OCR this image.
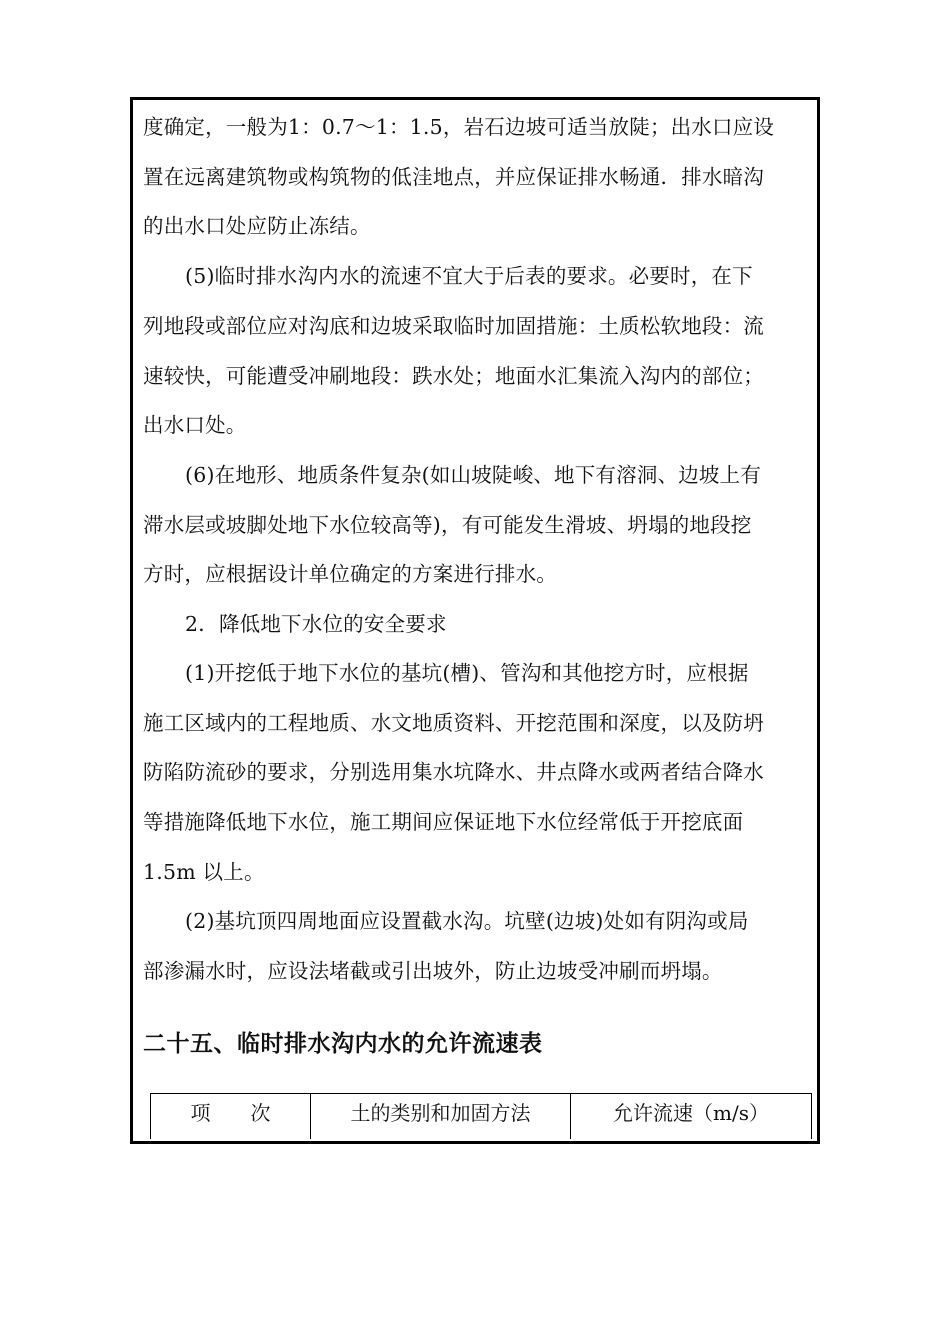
度确定，一般为1：0.7～1：1.5，岩石边坡可适当放陡；出水口应设
置在远离建筑物或构筑物的低洼地点，并应保证排水畅通．排水暗沟
的出水口处应防止冻结。
(5)临时排水沟内水的流速不宜大于后表的要求。必要时，在下
列地段或部位应对沟底和边坡采取临时加固措施：土质松软地段：流
速较快，可能遭受冲刷地段：跌水处；地面水汇集流入沟内的部位；
出水口处。
(6)在地形、地质条件复杂(如山坡陡峻、地下有溶洞、边坡上有
滞水层或坡脚处地下水位较高等)，有可能发生滑坡、坍塌的地段挖
方时，应根据设计单位确定的方案进行排水。
2．降低地下水位的安全要求
(1)开挖低于地下水位的基坑(槽)、管沟和其他挖方时，应根据
施工区域内的工程地质、水文地质资料、开挖范围和深度，以及防坍
防陷防流砂的要求，分别选用集水坑降水、井点降水或两者结合降水
等措施降低地下水位，施工期间应保证地下水位经常低于开挖底面
1.5m 以上。
(2)基坑顶四周地面应设置截水沟。坑壁(边坡)处如有阴沟或局
部渗漏水时，应设法堵截或引出坡外，防止边坡受冲刷而坍塌。
二十五、临时排水沟内水的允许流速表
项　　次	土的类别和加固方法	允许流速（m/s）
